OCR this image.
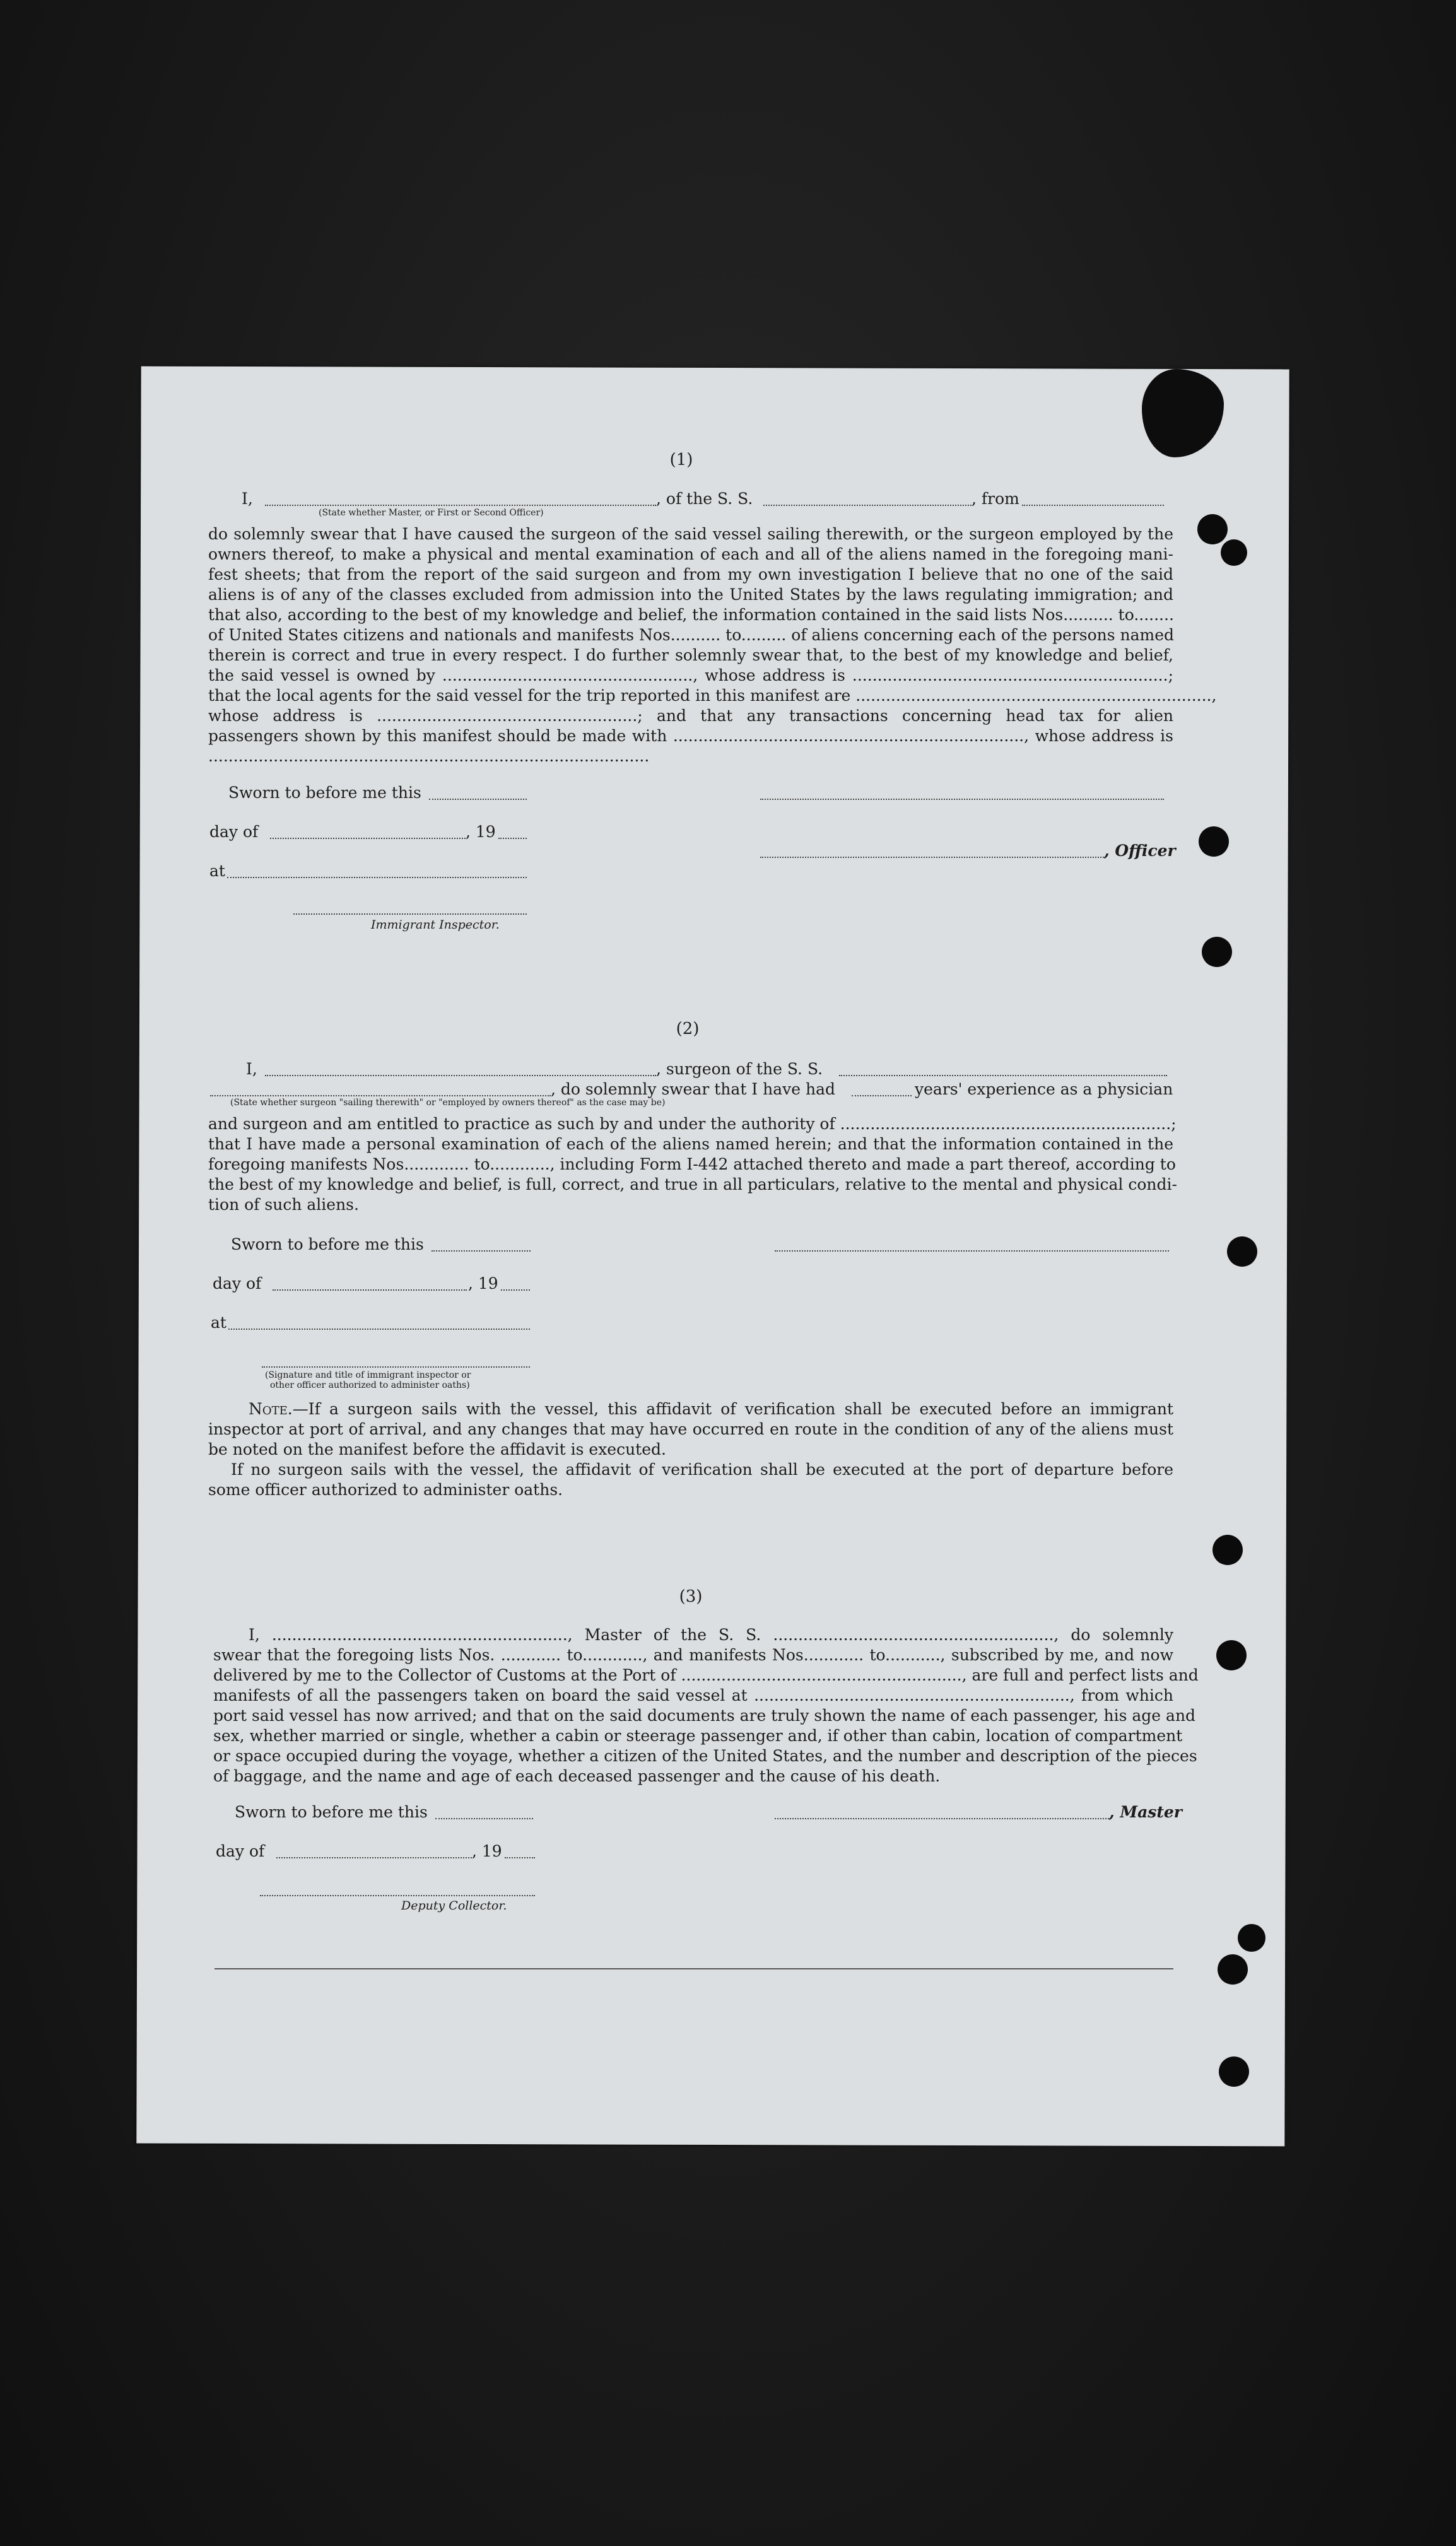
(1)
I,	, of the S. S.	, from
(State whether Master, or First or Second Officer)
do solemnly swear that I have caused the surgeon of the said vessel sailing therewith, or the surgeon employed by the
owners thereof, to make a physical and mental examination of each and all of the aliens named in the foregoing mani-
fest sheets; that from the report of the said surgeon and from my own investigation I believe that no one of the said
aliens is of any of the classes excluded from admission into the United States by the laws regulating immigration; and
that also, according to the best of my knowledge and belief, the information contained in the said lists Nos.......... to........
of United States citizens and nationals and manifests Nos.......... to......... of aliens concerning each of the persons named
therein is correct and true in every respect. I do further solemnly swear that, to the best of my knowledge and belief,
the said vessel is owned by .................................................., whose address is ...............................................................;
that the local agents for the said vessel for the trip reported in this manifest are .......................................................................,
whose address is ....................................................; and that any transactions concerning head tax for alien
passengers shown by this manifest should be made with ......................................................................, whose address is
........................................................................................
Sworn to before me this
day of	, 19
, Officer
at
Immigrant Inspector.
(2)
I,	, surgeon of the S. S.
, do solemnly swear that I have had	years' experience as a physician
(State whether surgeon "sailing therewith" or "employed by owners thereof" as the case may be)
and surgeon and am entitled to practice as such by and under the authority of ..................................................................;
that I have made a personal examination of each of the aliens named herein; and that the information contained in the
foregoing manifests Nos............. to............, including Form I-442 attached thereto and made a part thereof, according to
the best of my knowledge and belief, is full, correct, and true in all particulars, relative to the mental and physical condi-
tion of such aliens.
Sworn to before me this
day of	, 19
at
(Signature and title of immigrant inspector or
other officer authorized to administer oaths)
Note.—If a surgeon sails with the vessel, this affidavit of verification shall be executed before an immigrant
inspector at port of arrival, and any changes that may have occurred en route in the condition of any of the aliens must
be noted on the manifest before the affidavit is executed.
If no surgeon sails with the vessel, the affidavit of verification shall be executed at the port of departure before
some officer authorized to administer oaths.
(3)
I, ..........................................................., Master of the S. S. ........................................................, do solemnly
swear that the foregoing lists Nos. ............ to............, and manifests Nos............ to..........., subscribed by me, and now
delivered by me to the Collector of Customs at the Port of ........................................................, are full and perfect lists and
manifests of all the passengers taken on board the said vessel at ..............................................................., from which
port said vessel has now arrived; and that on the said documents are truly shown the name of each passenger, his age and
sex, whether married or single, whether a cabin or steerage passenger and, if other than cabin, location of compartment
or space occupied during the voyage, whether a citizen of the United States, and the number and description of the pieces
of baggage, and the name and age of each deceased passenger and the cause of his death.
Sworn to before me this	, Master
day of	, 19
Deputy Collector.
